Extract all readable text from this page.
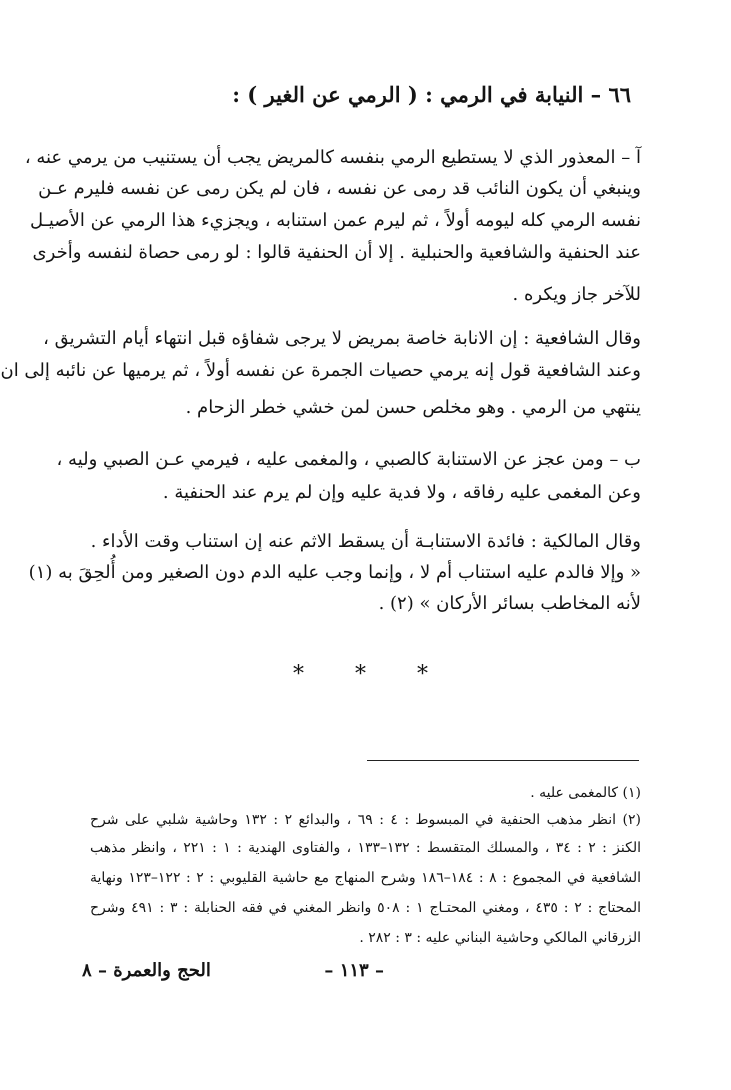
٦٦ – النيابة في الرمي : ( الرمي عن الغير ) :
آ – المعذور الذي لا يستطيع الرمي بنفسه كالمريض يجب أن يستنيب من يرمي عنه ،
وينبغي أن يكون النائب قد رمى عن نفسه ، فان لم يكن رمى عن نفسه فليرم عـن
نفسه الرمي كله ليومه أولاً ، ثم ليرم عمن استنابه ، ويجزيء هذا الرمي عن الأصيـل
عند الحنفية والشافعية والحنبلية . إلا أن الحنفية قالوا : لو رمى حصاة لنفسه وأخرى
للآخر جاز ويكره .
وقال الشافعية : إن الانابة خاصة بمريض لا يرجى شفاؤه قبل انتهاء أيام التشريق ،
وعند الشافعية قول إنه يرمي حصيات الجمرة عن نفسه أولاً ، ثم يرميها عن نائبه إلى ان
ينتهي من الرمي . وهو مخلص حسن لمن خشي خطر الزحام .
ب – ومن عجز عن الاستنابة كالصبي ، والمغمى عليه ، فيرمي عـن الصبي وليه ،
وعن المغمى عليه رفاقه ، ولا فدية عليه وإن لم يرم عند الحنفية .
وقال المالكية : فائدة الاستنابـة أن يسقط الاثم عنه إن استناب وقت الأداء .
« وإلا فالدم عليه استناب أم لا ، وإنما وجب عليه الدم دون الصغير ومن أُلحِقَ به (١)
لأنه المخاطب بسائر الأركان » (٢) .
* * *
(١) كالمغمى عليه .
(٢) انظر مذهب الحنفية في المبسوط : ٤ : ٦٩ ، والبدائع ٢ : ١٣٢ وحاشية شلبي على شرح
الكنز : ٢ : ٣٤ ، والمسلك المتقسط : ١٣٢–١٣٣ ، والفتاوى الهندية : ١ : ٢٢١ ، وانظر مذهب
الشافعية في المجموع : ٨ : ١٨٤–١٨٦ وشرح المنهاج مع حاشية القليوبي : ٢ : ١٢٢–١٢٣ ونهاية
المحتاج : ٢ : ٤٣٥ ، ومغني المحتـاج ١ : ٥٠٨ وانظر المغني في فقه الحنابلة : ٣ : ٤٩١ وشرح
الزرقاني المالكي وحاشية البناني عليه : ٣ : ٢٨٢ .
– ١١٣ –
الحج والعمرة – ٨
